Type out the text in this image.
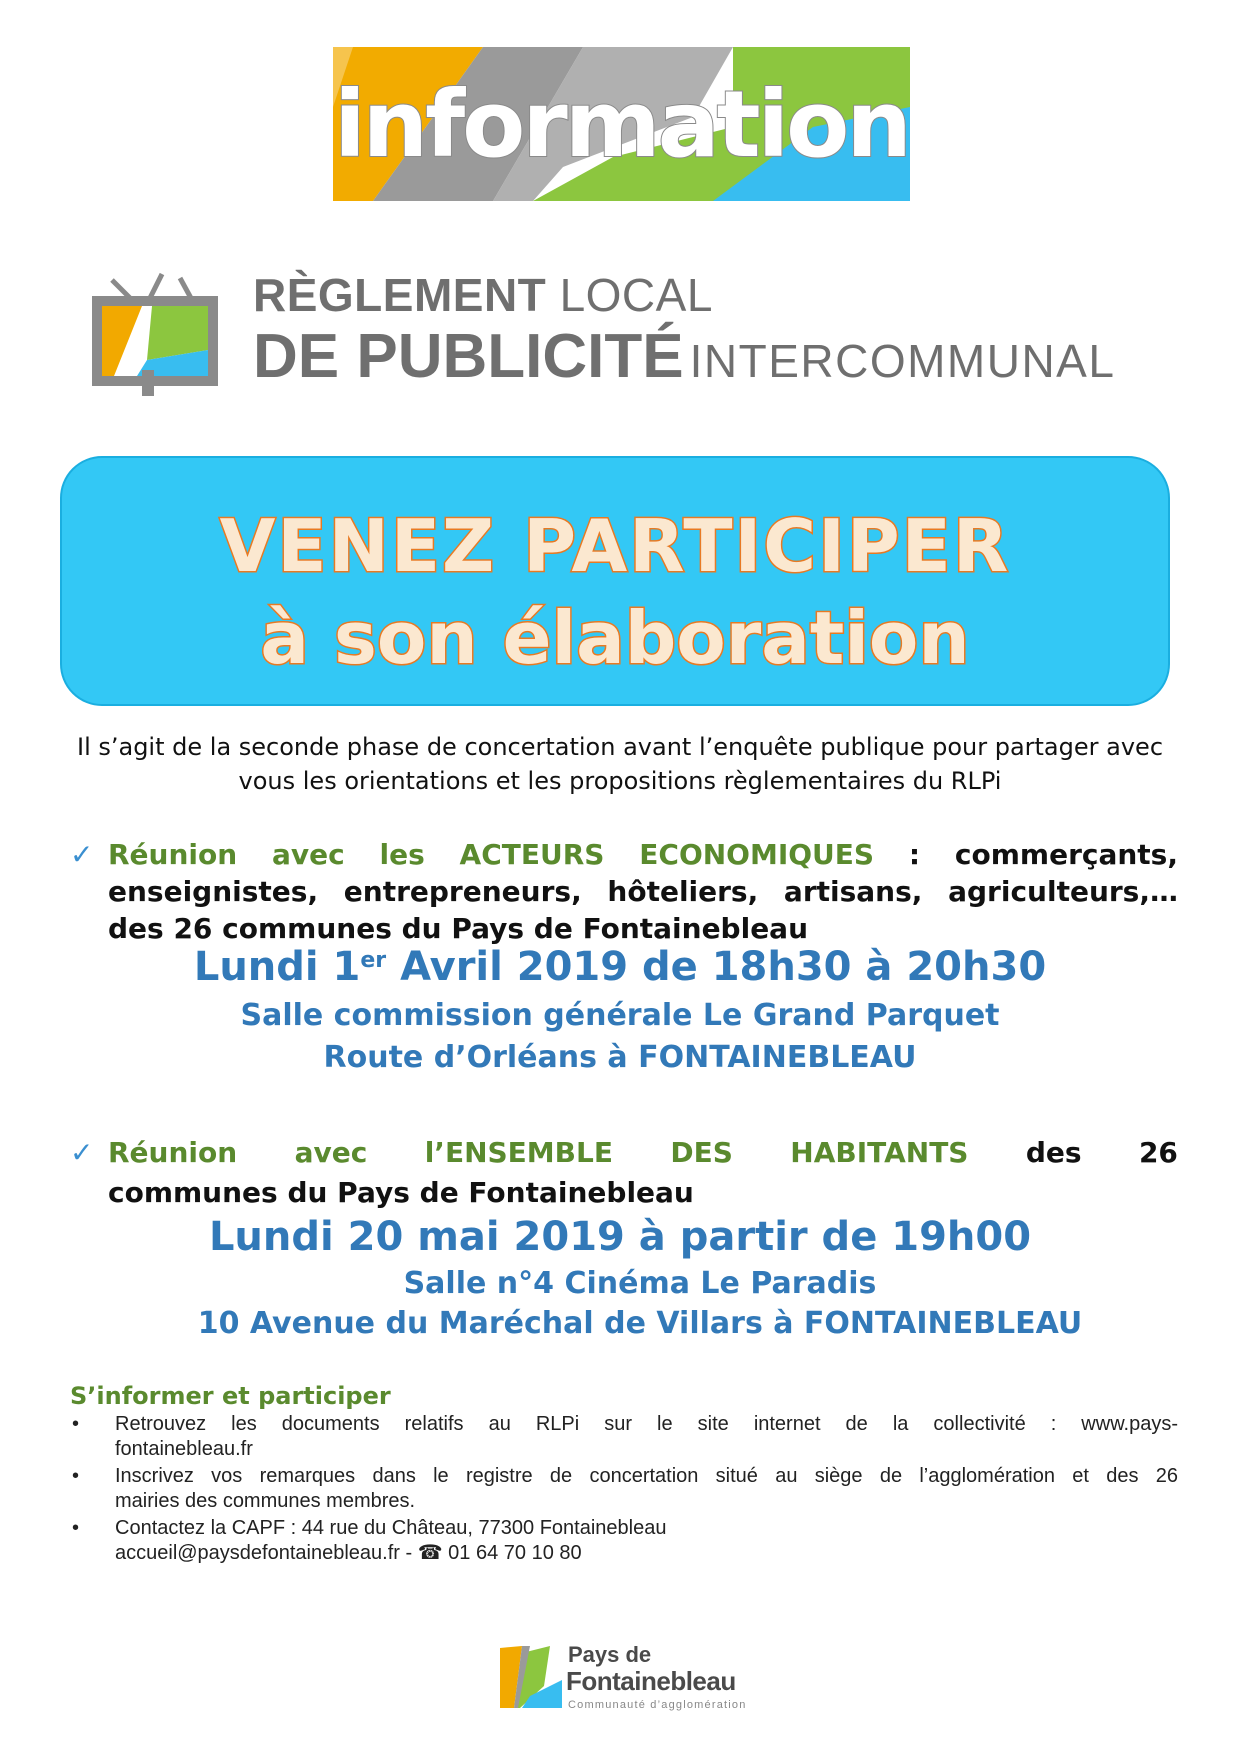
information
RÈGLEMENT LOCAL
DE PUBLICITÉ INTERCOMMUNAL
VENEZ PARTICIPER
à son élaboration
Il s’agit de la seconde phase de concertation avant l’enquête publique pour partager avec vous les orientations et les propositions règlementaires du RLPi
✓ Réunion avec les ACTEURS ECONOMIQUES : commerçants, enseignistes, entrepreneurs, hôteliers, artisans, agriculteurs,… des 26 communes du Pays de Fontainebleau
Lundi 1er Avril 2019 de 18h30 à 20h30
Salle commission générale Le Grand Parquet
Route d’Orléans à FONTAINEBLEAU
✓ Réunion avec l’ENSEMBLE DES HABITANTS des 26
communes du Pays de Fontainebleau
Lundi 20 mai 2019 à partir de 19h00
Salle n°4 Cinéma Le Paradis
10 Avenue du Maréchal de Villars à FONTAINEBLEAU
S’informer et participer
• Retrouvez les documents relatifs au RLPi sur le site internet de la collectivité : www.pays-
fontainebleau.fr
• Inscrivez vos remarques dans le registre de concertation situé au siège de l’agglomération et des 26
mairies des communes membres.
• Contactez la CAPF : 44 rue du Château, 77300 Fontainebleau
accueil@paysdefontainebleau.fr - ☎ 01 64 70 10 80
Pays de
Fontainebleau
Communauté d’agglomération
